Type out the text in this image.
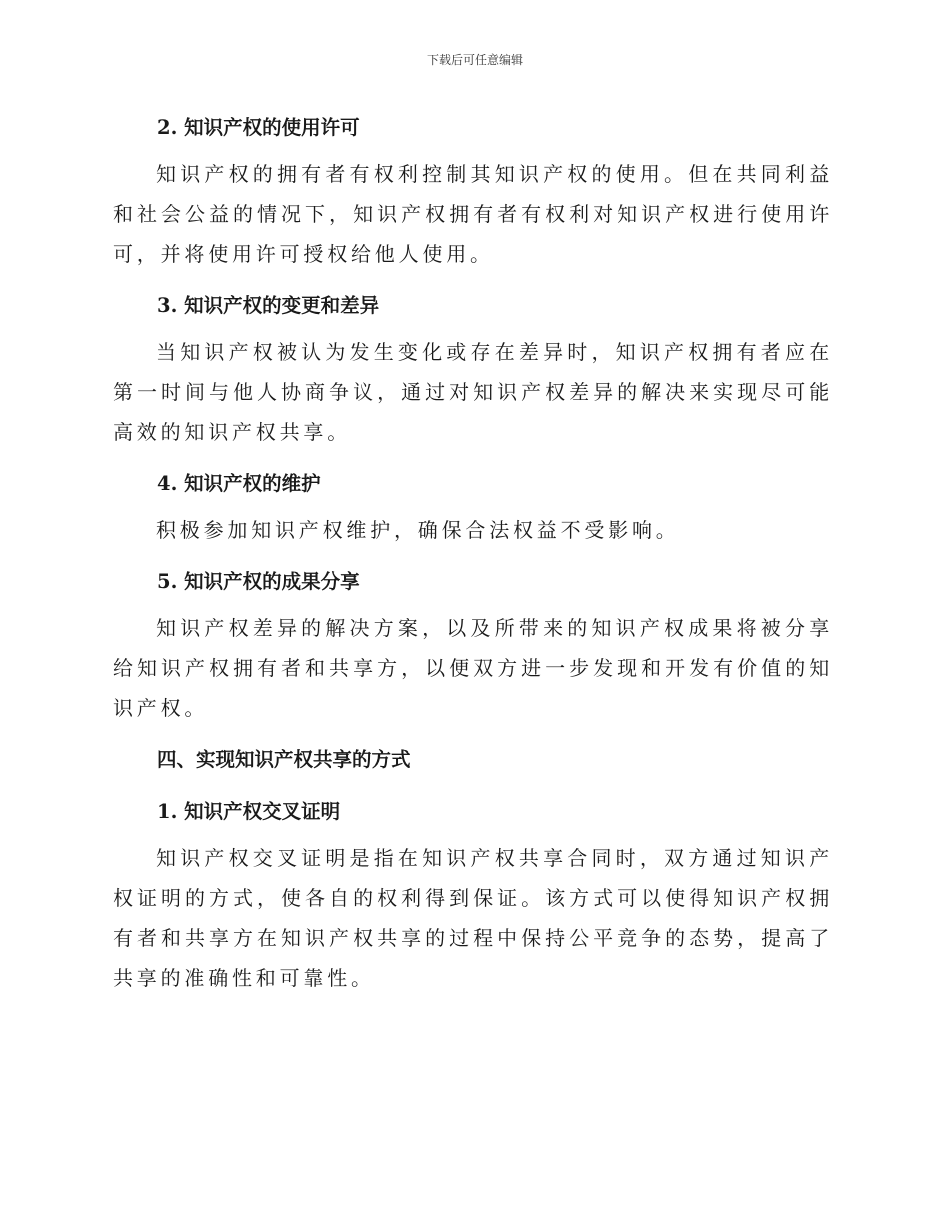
下载后可任意编辑
2. 知识产权的使用许可

知识产权的拥有者有权利控制其知识产权的使用。但在共同利益和社会公益的情况下，知识产权拥有者有权利对知识产权进行使用许可，并将使用许可授权给他人使用。

3. 知识产权的变更和差异

当知识产权被认为发生变化或存在差异时，知识产权拥有者应在第一时间与他人协商争议，通过对知识产权差异的解决来实现尽可能高效的知识产权共享。

4. 知识产权的维护

积极参加知识产权维护，确保合法权益不受影响。

5. 知识产权的成果分享

知识产权差异的解决方案，以及所带来的知识产权成果将被分享给知识产权拥有者和共享方，以便双方进一步发现和开发有价值的知识产权。

四、实现知识产权共享的方式
1. 知识产权交叉证明

知识产权交叉证明是指在知识产权共享合同时，双方通过知识产权证明的方式，使各自的权利得到保证。该方式可以使得知识产权拥有者和共享方在知识产权共享的过程中保持公平竞争的态势，提高了共享的准确性和可靠性。
